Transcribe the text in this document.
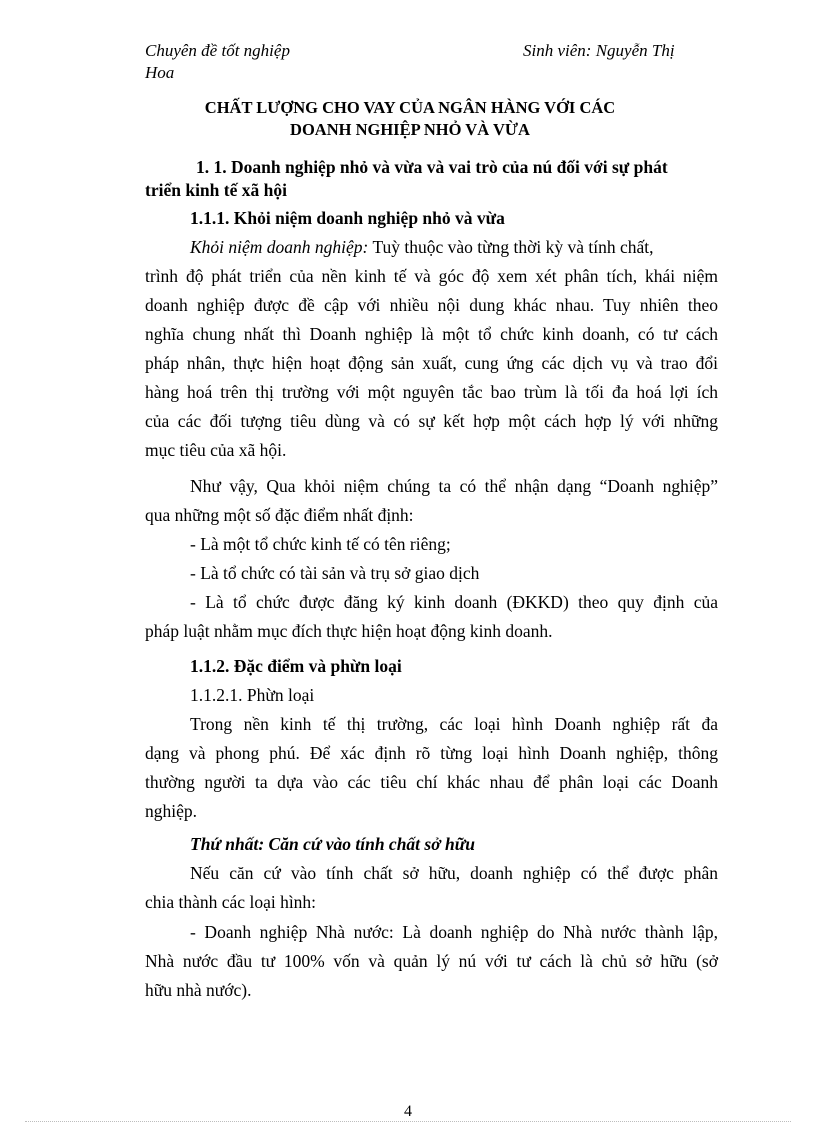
Chuyên đề tốt nghiệp
Hoa
Sinh viên: Nguyễn Thị
CHẤT LƯỢNG CHO VAY CỦA NGÂN HÀNG VỚI CÁC
DOANH NGHIỆP NHỎ VÀ VỪA
1. 1. Doanh nghiệp nhỏ và vừa và vai trò của nú đối với sự phát
triển kinh tế xã hội
1.1.1. Khỏi niệm doanh nghiệp nhỏ và vừa
Khỏi niệm doanh nghiệp: Tuỳ thuộc vào từng thời kỳ và tính chất,
trình độ phát triển của nền kinh tế và góc độ xem xét phân tích, khái niệm
doanh nghiệp được đề cập với nhiều nội dung khác nhau. Tuy nhiên theo
nghĩa chung nhất thì Doanh nghiệp là một tổ chức kinh doanh, có tư cách
pháp nhân, thực hiện hoạt động sản xuất, cung ứng các dịch vụ và trao đổi
hàng hoá trên thị trường với một nguyên tắc bao trùm là tối đa hoá lợi ích
của các đối tượng tiêu dùng và có sự kết hợp một cách hợp lý với những
mục tiêu của xã hội.
Như vậy, Qua khỏi niệm chúng ta có thể nhận dạng “Doanh nghiệp”
qua những một số đặc điểm nhất định:
- Là một tổ chức kinh tế có tên riêng;
- Là tổ chức có tài sản và trụ sở giao dịch
- Là tổ chức được đăng ký kinh doanh (ĐKKD) theo quy định của
pháp luật nhằm mục đích thực hiện hoạt động kinh doanh.
1.1.2. Đặc điểm và phừn loại
1.1.2.1. Phừn loại
Trong nền kinh tế thị trường, các loại hình Doanh nghiệp rất đa
dạng và phong phú. Để xác định rõ từng loại hình Doanh nghiệp, thông
thường người ta dựa vào các tiêu chí khác nhau để phân loại các Doanh
nghiệp.
Thứ nhất: Căn cứ vào tính chất sở hữu
Nếu căn cứ vào tính chất sở hữu, doanh nghiệp có thể được phân
chia thành các loại hình:
- Doanh nghiệp Nhà nước: Là doanh nghiệp do Nhà nước thành lập,
Nhà nước đầu tư 100% vốn và quản lý nú với tư cách là chủ sở hữu (sở
hữu nhà nước).
4
